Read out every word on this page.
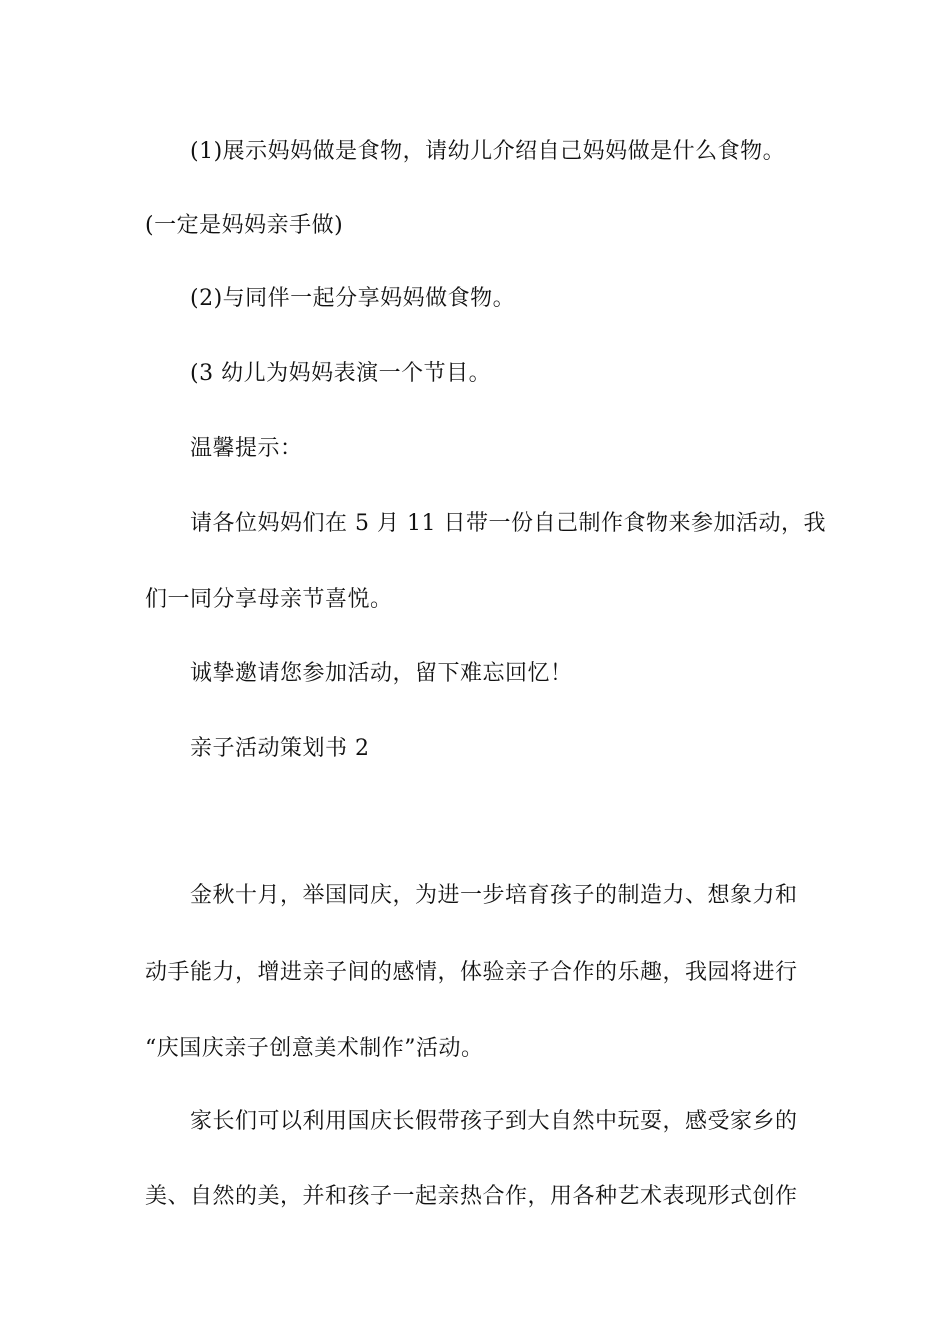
(1)展示妈妈做是食物，请幼儿介绍自己妈妈做是什么食物。
(一定是妈妈亲手做)
(2)与同伴一起分享妈妈做食物。
(3 幼儿为妈妈表演一个节目。
温馨提示：
请各位妈妈们在 5 月 11 日带一份自己制作食物来参加活动，我
们一同分享母亲节喜悦。
诚挚邀请您参加活动，留下难忘回忆！
亲子活动策划书 2
金秋十月，举国同庆，为进一步培育孩子的制造力、想象力和
动手能力，增进亲子间的感情，体验亲子合作的乐趣，我园将进行
“庆国庆亲子创意美术制作”活动。
家长们可以利用国庆长假带孩子到大自然中玩耍，感受家乡的
美、自然的美，并和孩子一起亲热合作，用各种艺术表现形式创作
